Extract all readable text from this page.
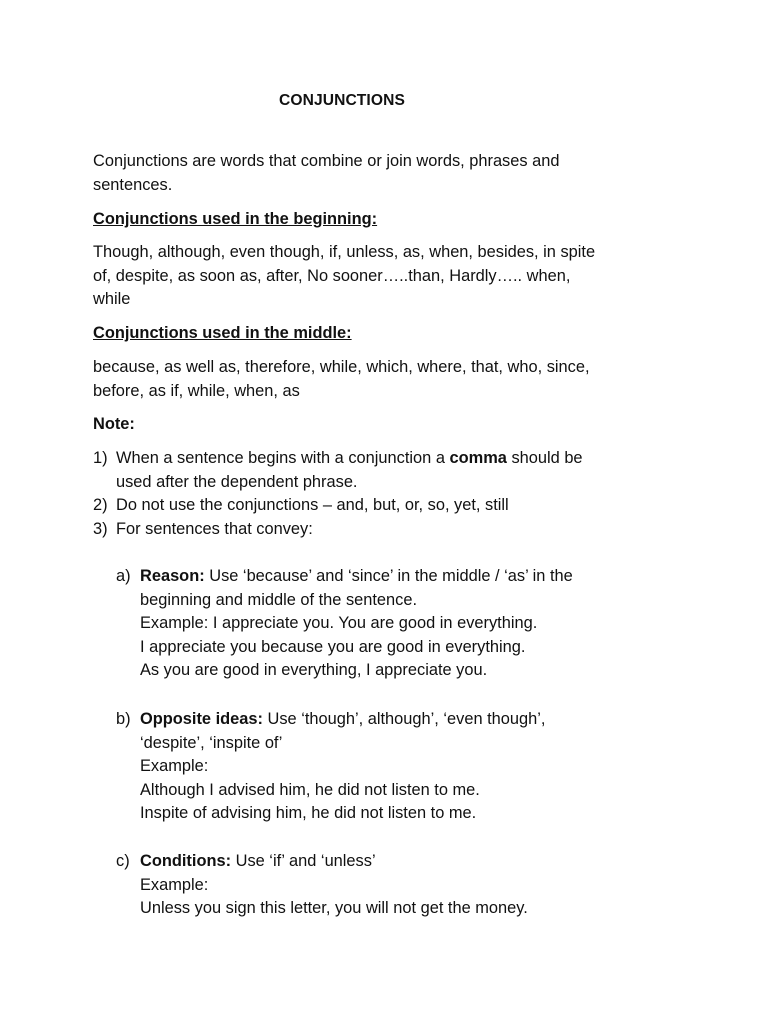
CONJUNCTIONS
Conjunctions are words that combine or join words, phrases and
sentences.
Conjunctions used in the beginning:
Though, although, even though, if, unless, as, when, besides, in spite
of, despite, as soon as, after, No sooner…..than, Hardly….. when,
while
Conjunctions used in the middle:
because, as well as, therefore, while, which, where, that, who, since,
before, as if, while, when, as
Note:
1) When a sentence begins with a conjunction a comma should be
used after the dependent phrase.
2) Do not use the conjunctions – and, but, or, so, yet, still
3) For sentences that convey:
a) Reason: Use ‘because’ and ‘since’ in the middle / ‘as’ in the
beginning and middle of the sentence.
Example: I appreciate you. You are good in everything.
I appreciate you because you are good in everything.
As you are good in everything, I appreciate you.
b) Opposite ideas: Use ‘though’, although’, ‘even though’,
‘despite’, ‘inspite of’
Example:
Although I advised him, he did not listen to me.
Inspite of advising him, he did not listen to me.
c) Conditions: Use ‘if’ and ‘unless’
Example:
Unless you sign this letter, you will not get the money.
